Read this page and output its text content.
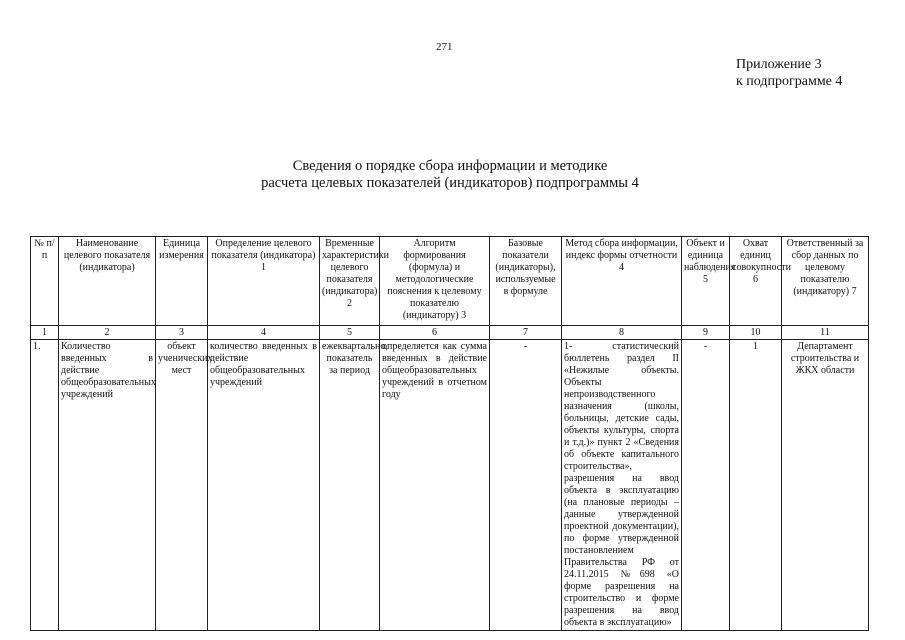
271
Приложение 3
к подпрограмме 4
Сведения о порядке сбора информации и методике
расчета целевых показателей (индикаторов) подпрограммы 4
№ п/п	Наименование целевого показателя (индикатора)	Единица измерения	Определение целевого показателя (индикатора) 1	Временные характеристики целевого показателя (индикатора) 2	Алгоритм формирования (формула) и методологические пояснения к целевому показателю (индикатору) 3	Базовые показатели (индикаторы), используемые в формуле	Метод сбора информации, индекс формы отчетности 4	Объект и единица наблюдения 5	Охват единиц совокупности 6	Ответственный за сбор данных по целевому показателю (индикатору) 7
1	2	3	4	5	6	7	8	9	10	11
1.	Количество введенных в действие общеобразовательных учреждений	объект ученических мест	количество введенных в действие общеобразовательных учреждений	ежеквартально, показатель за период	определяется как сумма введенных в действие общеобразовательных учреждений в отчетном году	-	1- статистический бюллетень раздел II «Нежилые объекты. Объекты непроизводственного назначения (школы, больницы, детские сады, объекты культуры, спорта и т.д.)» пункт 2 «Сведения об объекте капитального строительства», разрешения на ввод объекта в эксплуатацию (на плановые периоды – данные утвержденной проектной документации), по форме утвержденной постановлением Правительства РФ от 24.11.2015 №698 «О форме разрешения на строительство и форме разрешения на ввод объекта в эксплуатацию»	-	1	Департамент строительства и ЖКХ области
